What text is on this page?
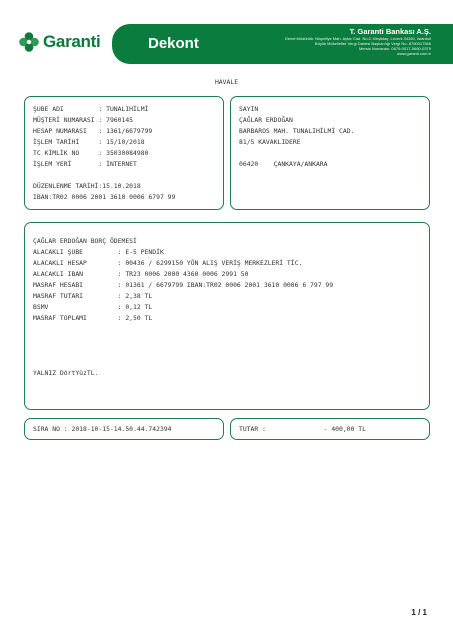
Garanti	Dekont
T. Garanti Bankası A.Ş.
Genel Müdürlük: Nispetiye Mah. Aytar Cad. No:2, Beşiktaş, Levent 34340, İstanbul
Büyük Mükellefler Vergi Dairesi Başkanlığı Vergi No: 8790017566
Mersis Numarası: 0879-0017-5660-0379
www.garanti.com.tr
HAVALE
ŞUBE ADI         : TUNALIHİLMİ
MÜŞTERİ NUMARASI : 7960145
HESAP NUMARASI   : 1361/6679799
İŞLEM TARİHİ     : 15/10/2018
TC KİMLİK NO     : 35030084980
İŞLEM YERİ       : İNTERNET
DÜZENLENME TARİHİ:15.10.2018
IBAN:TR02 0006 2001 3610 0006 6797 99
SAYIN
ÇAĞLAR ERDOĞAN
BARBAROS MAH. TUNALIHİLMİ CAD.
81/5 KAVAKLIDERE
06420    ÇANKAYA/ANKARA
ÇAĞLAR ERDOĞAN BORÇ ÖDEMESİ
ALACAKLI ŞUBE         : E-5 PENDİK
ALACAKLI HESAP        : 00436 / 6299150 YÖN ALIŞ VERİŞ MERKEZLERİ TİC.
ALACAKLI IBAN         : TR23 0006 2000 4360 0006 2991 50
MASRAF HESABI         : 01361 / 6679799 IBAN:TR02 0006 2001 3610 0006 6 797 99
MASRAF TUTARI         : 2,38 TL
BSMV                  : 0,12 TL
MASRAF TOPLAMI        : 2,50 TL
YALNIZ DörtYüzTL.
SIRA NO : 2018-10-15-14.50.44.742394	TUTAR :               - 400,00 TL
1 / 1
